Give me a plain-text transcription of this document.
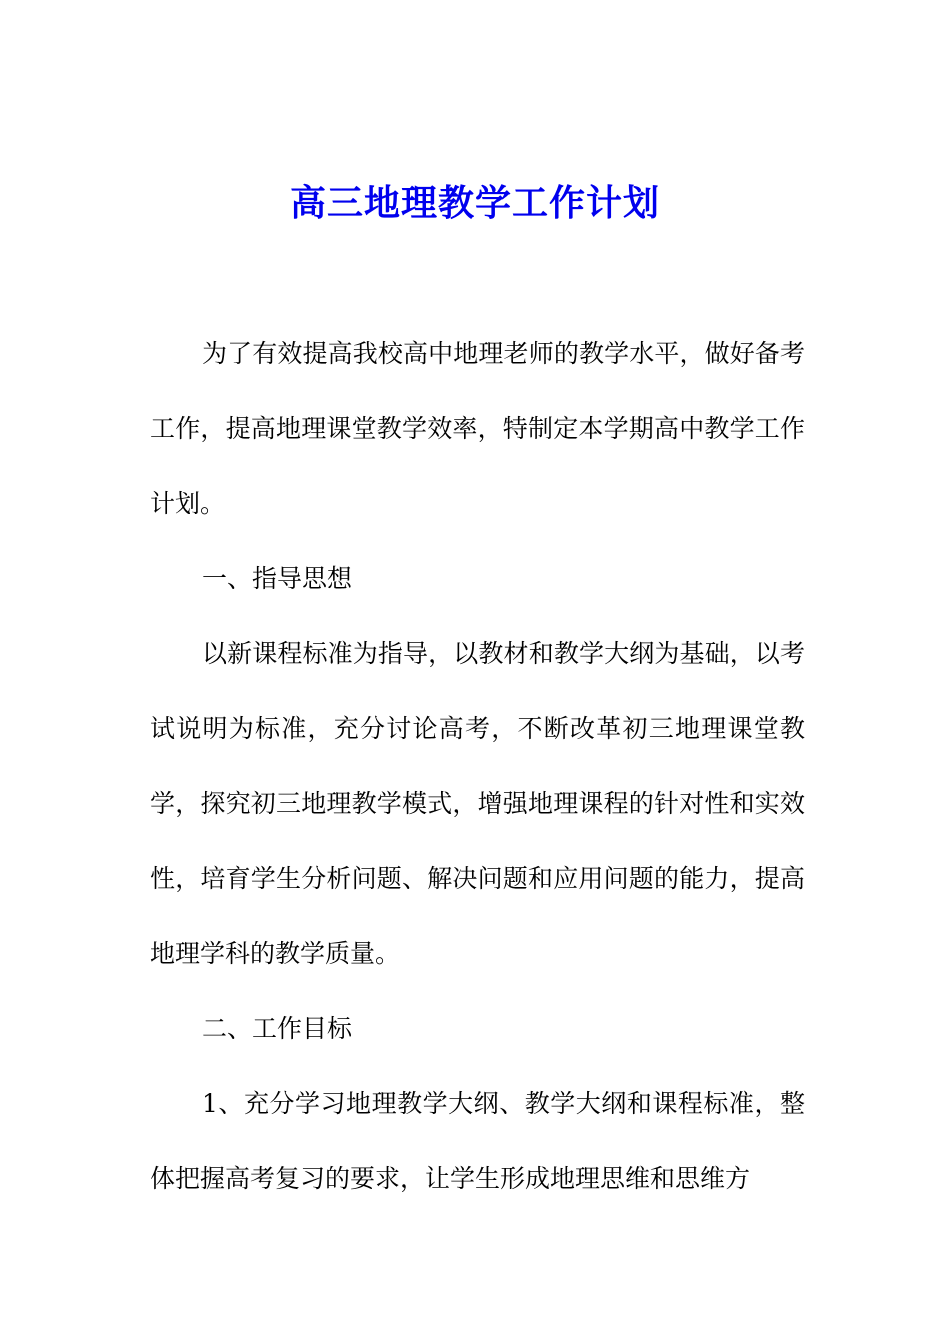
高三地理教学工作计划

为了有效提高我校高中地理老师的教学水平，做好备考工作，提高地理课堂教学效率，特制定本学期高中教学工作计划。

一、指导思想

以新课程标准为指导，以教材和教学大纲为基础，以考试说明为标准，充分讨论高考，不断改革初三地理课堂教学，探究初三地理教学模式，增强地理课程的针对性和实效性，培育学生分析问题、解决问题和应用问题的能力，提高地理学科的教学质量。

二、工作目标

1、充分学习地理教学大纲、教学大纲和课程标准，整体把握高考复习的要求，让学生形成地理思维和思维方
